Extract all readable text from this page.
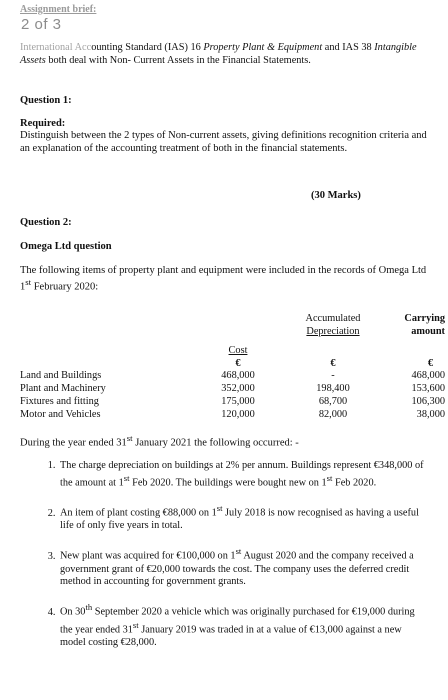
Assignment brief:
2 of 3
International Accounting Standard (IAS) 16 Property Plant & Equipment and IAS 38 Intangible Assets both deal with Non- Current Assets in the Financial Statements.
Question 1:
Required:
Distinguish between the 2 types of Non-current assets, giving definitions recognition criteria and an explanation of the accounting treatment of both in the financial statements.
(30 Marks)
Question 2:
Omega Ltd question
The following items of property plant and equipment were included in the records of Omega Ltd 1st February 2020:
		Accumulated	Carrying
		Depreciation	amount
	Cost		
	€	€	€
Land and Buildings	468,000	-	468,000
Plant and Machinery	352,000	198,400	153,600
Fixtures and fitting	175,000	68,700	106,300
Motor and Vehicles	120,000	82,000	38,000
During the year ended 31st January 2021 the following occurred: -
1. The charge depreciation on buildings at 2% per annum. Buildings represent €348,000 of the amount at 1st Feb 2020. The buildings were bought new on 1st Feb 2020.
2. An item of plant costing €88,000 on 1st July 2018 is now recognised as having a useful life of only five years in total.
3. New plant was acquired for €100,000 on 1st August 2020 and the company received a government grant of €20,000 towards the cost. The company uses the deferred credit method in accounting for government grants.
4. On 30th September 2020 a vehicle which was originally purchased for €19,000 during the year ended 31st January 2019 was traded in at a value of €13,000 against a new model costing €28,000.
